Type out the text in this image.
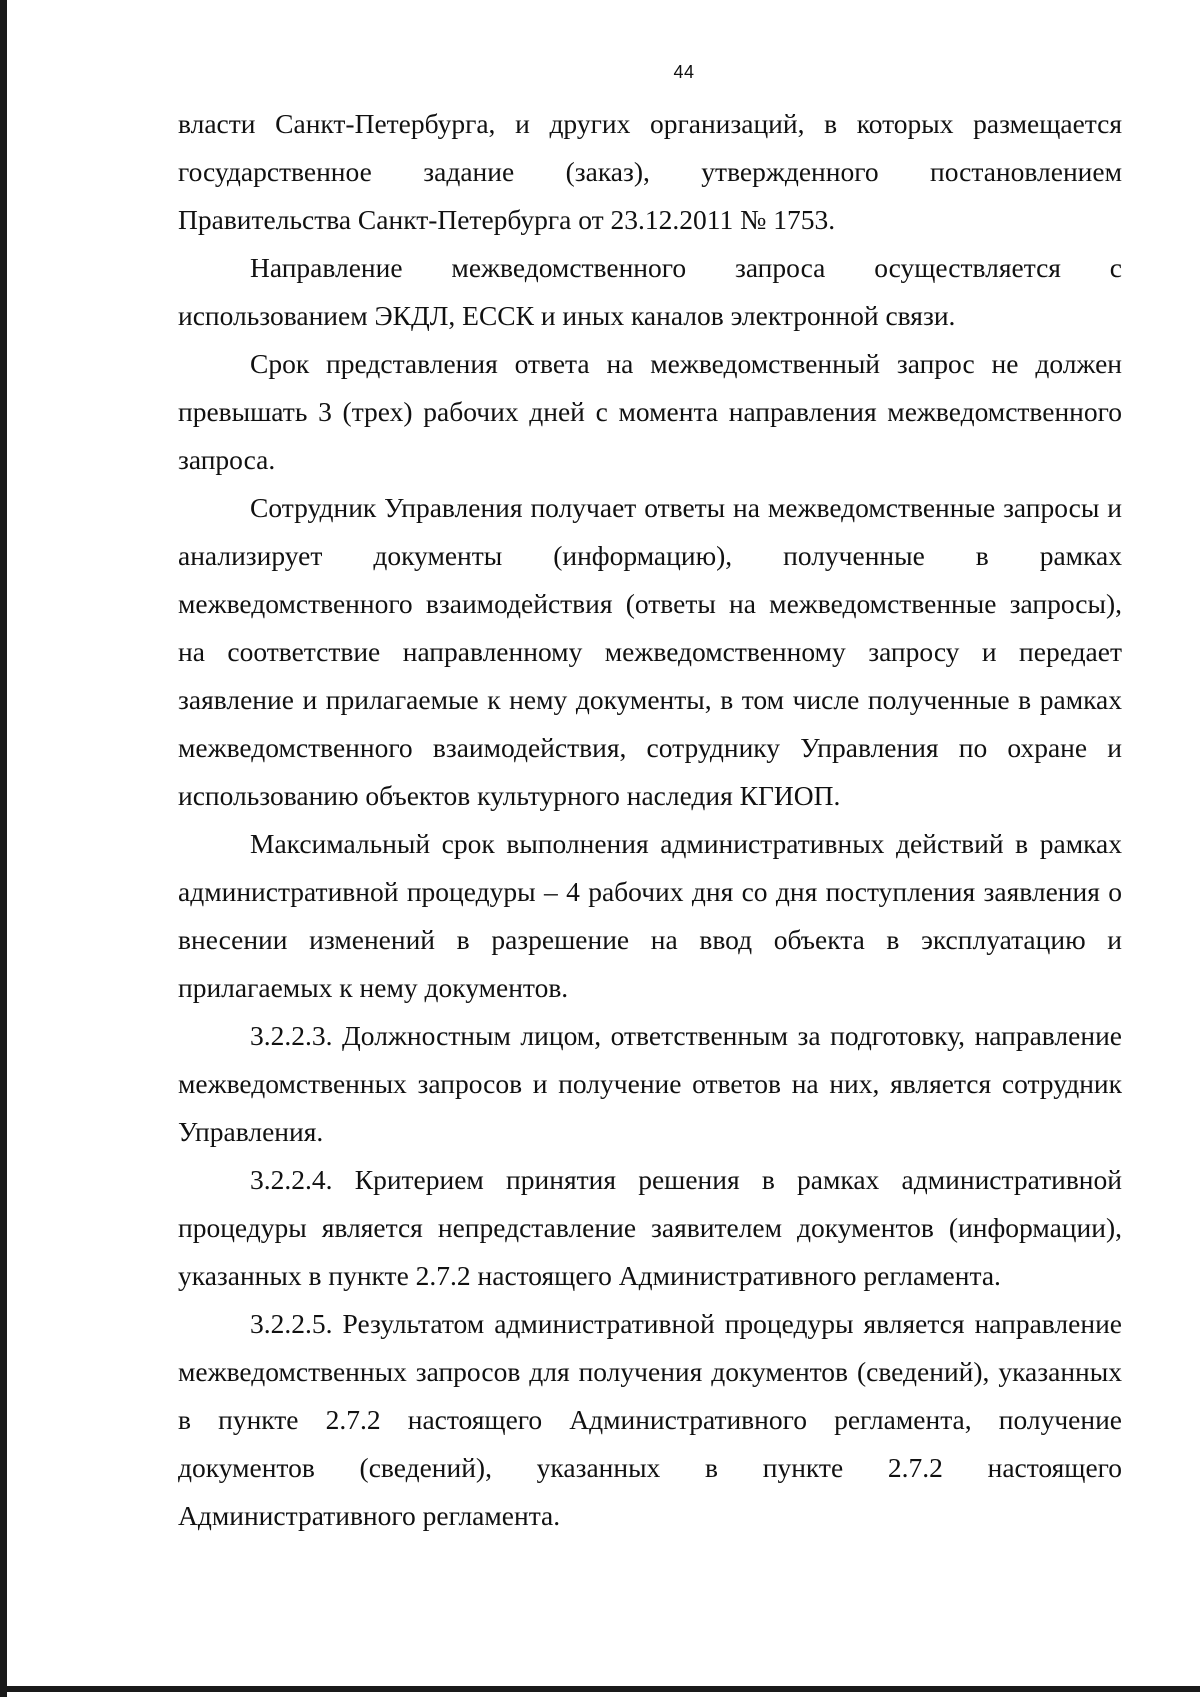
44

власти Санкт-Петербурга, и других организаций, в которых размещается государственное задание (заказ), утвержденного постановлением Правительства Санкт-Петербурга от 23.12.2011 № 1753.

Направление межведомственного запроса осуществляется с использованием ЭКДЛ, ЕССК и иных каналов электронной связи.

Срок представления ответа на межведомственный запрос не должен превышать 3 (трех) рабочих дней с момента направления межведомственного запроса.

Сотрудник Управления получает ответы на межведомственные запросы и анализирует документы (информацию), полученные в рамках межведомственного взаимодействия (ответы на межведомственные запросы), на соответствие направленному межведомственному запросу и передает заявление и прилагаемые к нему документы, в том числе полученные в рамках межведомственного взаимодействия, сотруднику Управления по охране и использованию объектов культурного наследия КГИОП.

Максимальный срок выполнения административных действий в рамках административной процедуры – 4 рабочих дня со дня поступления заявления о внесении изменений в разрешение на ввод объекта в эксплуатацию и прилагаемых к нему документов.

3.2.2.3. Должностным лицом, ответственным за подготовку, направление межведомственных запросов и получение ответов на них, является сотрудник Управления.

3.2.2.4. Критерием принятия решения в рамках административной процедуры является непредставление заявителем документов (информации), указанных в пункте 2.7.2 настоящего Административного регламента.

3.2.2.5. Результатом административной процедуры является направление межведомственных запросов для получения документов (сведений), указанных в пункте 2.7.2 настоящего Административного регламента, получение документов (сведений), указанных в пункте 2.7.2 настоящего Административного регламента.
